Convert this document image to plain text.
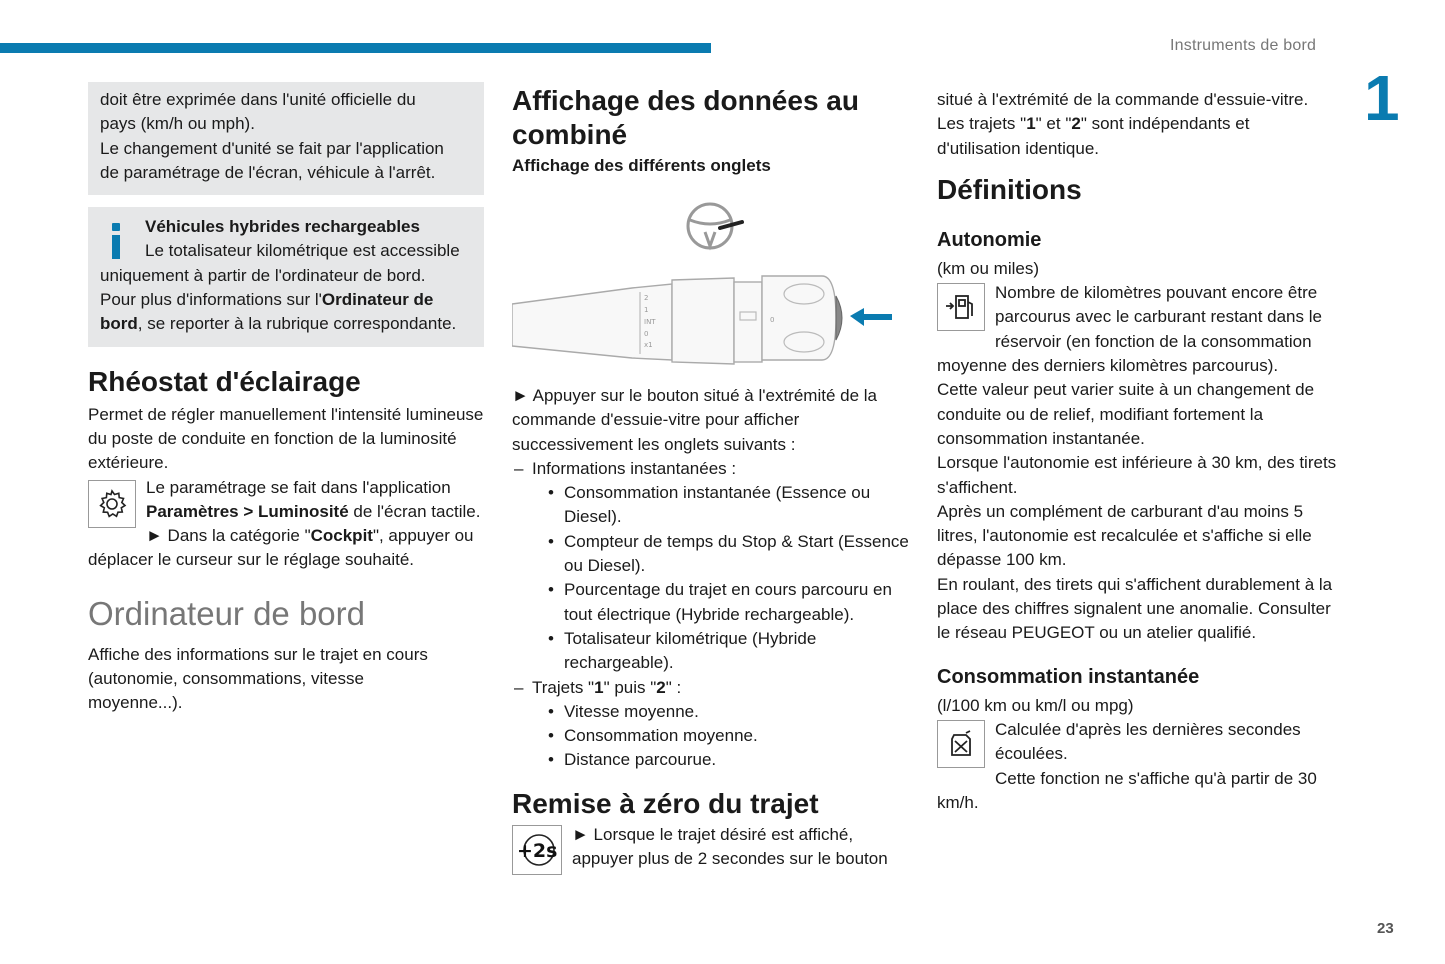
Instruments de bord
1
23

doit être exprimée dans l'unité officielle du

pays (km/h ou mph).

Le changement d'unité se fait par l'application

de paramétrage de l'écran, véhicule à l'arrêt.

Véhicules hybrides rechargeables

Le totalisateur kilométrique est accessible uniquement à partir de l'ordinateur de bord.

Pour plus d'informations sur l'Ordinateur de bord, se reporter à la rubrique correspondante.

Rhéostat d'éclairage

Permet de régler manuellement l'intensité lumineuse du poste de conduite en fonction de la luminosité extérieure.

Le paramétrage se fait dans l'application Paramètres > Luminosité de l'écran tactile.

► Dans la catégorie "Cockpit", appuyer ou déplacer le curseur sur le réglage souhaité.

Ordinateur de bord

Affiche des informations sur le trajet en cours (autonomie, consommations, vitesse moyenne...).

Affichage des données au combiné

Affichage des différents onglets

2
1
INT
0
x1
0

► Appuyer sur le bouton situé à l'extrémité de la commande d'essuie-vitre pour afficher successivement les onglets suivants :

– Informations instantanées :
• Consommation instantanée (Essence ou Diesel).
• Compteur de temps du Stop & Start (Essence ou Diesel).
• Pourcentage du trajet en cours parcouru en tout électrique (Hybride rechargeable).
• Totalisateur kilométrique (Hybride rechargeable).
– Trajets "1" puis "2" :
• Vitesse moyenne.
• Consommation moyenne.
• Distance parcourue.
Remise à zéro du trajet
+2s

► Lorsque le trajet désiré est affiché, appuyer plus de 2 secondes sur le bouton

situé à l'extrémité de la commande d'essuie-vitre.

Les trajets "1" et "2" sont indépendants et d'utilisation identique.

Définitions
Autonomie

(km ou miles)

Nombre de kilomètres pouvant encore être parcourus avec le carburant restant dans le réservoir (en fonction de la consommation moyenne des derniers kilomètres parcourus).

Cette valeur peut varier suite à un changement de conduite ou de relief, modifiant fortement la consommation instantanée.

Lorsque l'autonomie est inférieure à 30 km, des tirets s'affichent.

Après un complément de carburant d'au moins 5 litres, l'autonomie est recalculée et s'affiche si elle dépasse 100 km.

En roulant, des tirets qui s'affichent durablement à la place des chiffres signalent une anomalie. Consulter le réseau PEUGEOT ou un atelier qualifié.

Consommation instantanée

(l/100 km ou km/l ou mpg)

Calculée d'après les dernières secondes écoulées.

Cette fonction ne s'affiche qu'à partir de 30 km/h.
